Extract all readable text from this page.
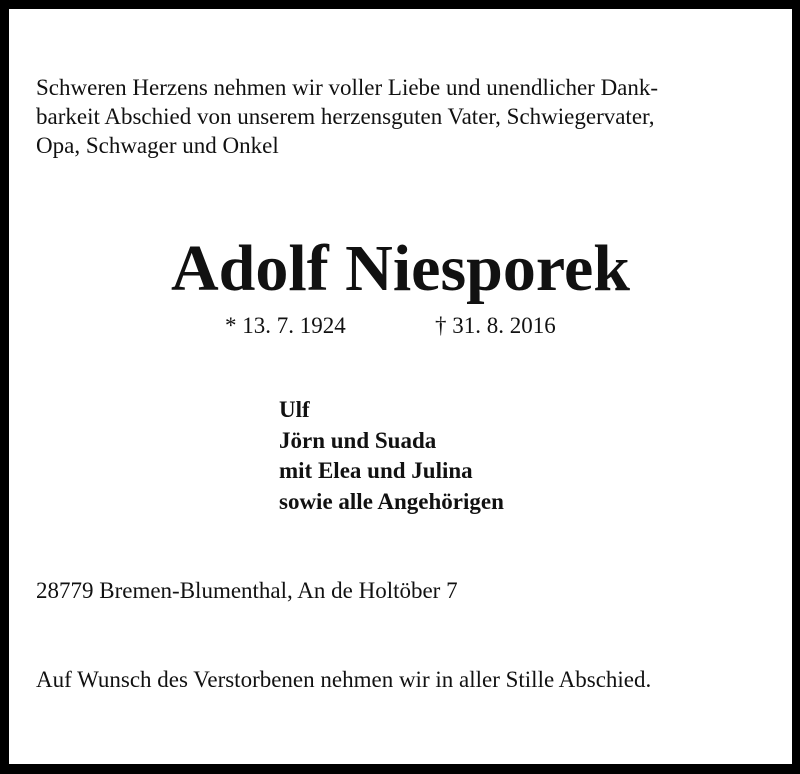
Schweren Herzens nehmen wir voller Liebe und unendlicher Dank-
barkeit Abschied von unserem herzensguten Vater, Schwiegervater,
Opa, Schwager und Onkel
Adolf Niesporek
* 13. 7. 1924	† 31. 8. 2016
Ulf
Jörn und Suada
mit Elea und Julina
sowie alle Angehörigen
28779 Bremen-Blumenthal, An de Holtöber 7
Auf Wunsch des Verstorbenen nehmen wir in aller Stille Abschied.
